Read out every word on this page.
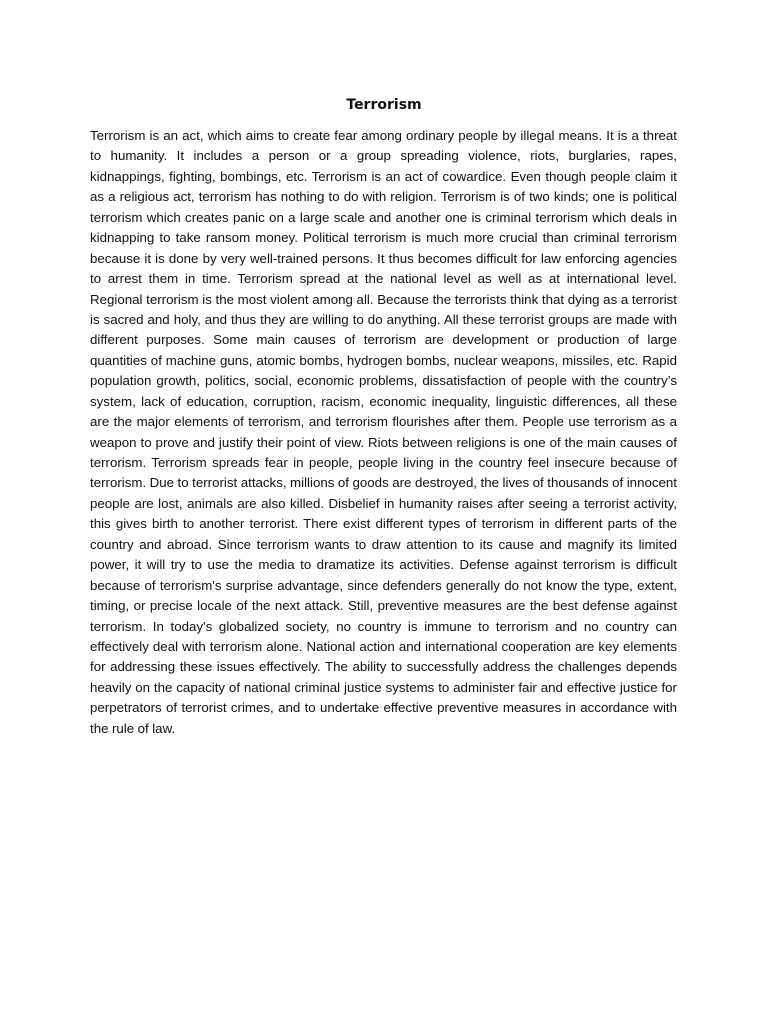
Terrorism

Terrorism is an act, which aims to create fear among ordinary people by illegal means. It is a threat to humanity. It includes a person or a group spreading violence, riots, burglaries, rapes, kidnappings, fighting, bombings, etc. Terrorism is an act of cowardice. Even though people claim it as a religious act, terrorism has nothing to do with religion. Terrorism is of two kinds; one is political terrorism which creates panic on a large scale and another one is criminal terrorism which deals in kidnapping to take ransom money. Political terrorism is much more crucial than criminal terrorism because it is done by very well-trained persons. It thus becomes difficult for law enforcing agencies to arrest them in time. Terrorism spread at the national level as well as at international level. Regional terrorism is the most violent among all. Because the terrorists think that dying as a terrorist is sacred and holy, and thus they are willing to do anything. All these terrorist groups are made with different purposes. Some main causes of terrorism are development or production of large quantities of machine guns, atomic bombs, hydrogen bombs, nuclear weapons, missiles, etc. Rapid population growth, politics, social, economic problems, dissatisfaction of people with the country’s system, lack of education, corruption, racism, economic inequality, linguistic differences, all these are the major elements of terrorism, and terrorism flourishes after them. People use terrorism as a weapon to prove and justify their point of view. Riots between religions is one of the main causes of terrorism. Terrorism spreads fear in people, people living in the country feel insecure because of terrorism. Due to terrorist attacks, millions of goods are destroyed, the lives of thousands of innocent people are lost, animals are also killed. Disbelief in humanity raises after seeing a terrorist activity, this gives birth to another terrorist. There exist different types of terrorism in different parts of the country and abroad. Since terrorism wants to draw attention to its cause and magnify its limited power, it will try to use the media to dramatize its activities. Defense against terrorism is difficult because of terrorism's surprise advantage, since defenders generally do not know the type, extent, timing, or precise locale of the next attack. Still, preventive measures are the best defense against terrorism. In today's globalized society, no country is immune to terrorism and no country can effectively deal with terrorism alone. National action and international cooperation are key elements for addressing these issues effectively. The ability to successfully address the challenges depends heavily on the capacity of national criminal justice systems to administer fair and effective justice for perpetrators of terrorist crimes, and to undertake effective preventive measures in accordance with the rule of law.
